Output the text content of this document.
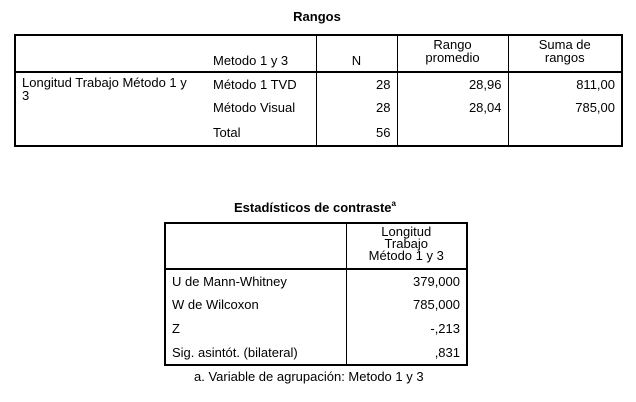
Rangos
	Metodo 1 y 3	N	Rango promedio	Suma de rangos

Longitud Trabajo Método 1 y 3	Método 1 TVD	28	28,96	811,00
	Método Visual	28	28,04	785,00
	Total	56		
Estadísticos de contraste$^a$

	Longitud Trabajo Método 1 y 3

U de Mann-Whitney	379,000
W de Wilcoxon	785,000
Z	-,213
Sig. asintót. (bilateral)	,831
a. Variable de agrupación: Metodo 1 y 3
